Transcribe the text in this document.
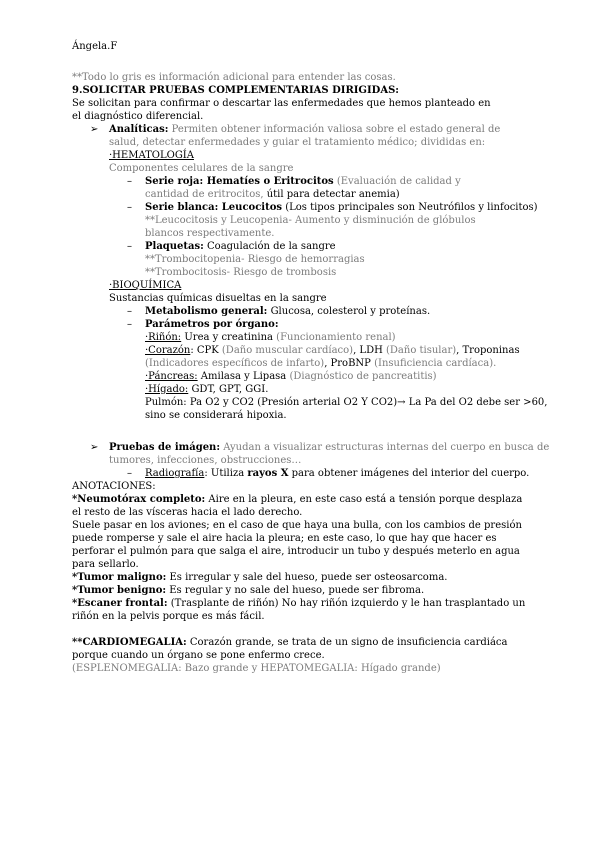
Ángela.F
**Todo lo gris es información adicional para entender las cosas.
9.SOLICITAR PRUEBAS COMPLEMENTARIAS DIRIGIDAS:
Se solicitan para confirmar o descartar las enfermedades que hemos planteado en el diagnóstico diferencial.
➢ Analíticas: Permiten obtener información valiosa sobre el estado general de salud, detectar enfermedades y guiar el tratamiento médico; divididas en:
·HEMATOLOGÍA
Componentes celulares de la sangre
– Serie roja: Hematíes o Eritrocitos (Evaluación de calidad y cantidad de eritrocitos, útil para detectar anemia)
– Serie blanca: Leucocitos (Los tipos principales son Neutrófilos y linfocitos)
**Leucocitosis y Leucopenia- Aumento y disminución de glóbulos blancos respectivamente.
– Plaquetas: Coagulación de la sangre
**Trombocitopenia- Riesgo de hemorragias
**Trombocitosis- Riesgo de trombosis
·BIOQUÍMICA
Sustancias químicas disueltas en la sangre
– Metabolismo general: Glucosa, colesterol y proteínas.
– Parámetros por órgano:
·Riñón: Urea y creatinina (Funcionamiento renal)
·Corazón: CPK (Daño muscular cardíaco), LDH (Daño tisular), Troponinas
(Indicadores específicos de infarto), ProBNP (Insuficiencia cardíaca).
·Páncreas: Amilasa y Lipasa (Diagnóstico de pancreatitis)
·Hígado: GDT, GPT, GGI.
Pulmón: Pa O2 y CO2 (Presión arterial O2 Y CO2)→ La Pa del O2 debe ser >60,
sino se considerará hipoxia.
➢ Pruebas de imágen: Ayudan a visualizar estructuras internas del cuerpo en busca de
tumores, infecciones, obstrucciones…
– Radiografía: Utiliza rayos X para obtener imágenes del interior del cuerpo.
ANOTACIONES:
*Neumotórax completo: Aire en la pleura, en este caso está a tensión porque desplaza el resto de las vísceras hacia el lado derecho.
Suele pasar en los aviones; en el caso de que haya una bulla, con los cambios de presión puede romperse y sale el aire hacia la pleura; en este caso, lo que hay que hacer es perforar el pulmón para que salga el aire, introducir un tubo y después meterlo en agua para sellarlo.
*Tumor maligno: Es irregular y sale del hueso, puede ser osteosarcoma.
*Tumor benigno: Es regular y no sale del hueso, puede ser fibroma.
*Escaner frontal: (Trasplante de riñón) No hay riñón izquierdo y le han trasplantado un riñón en la pelvis porque es más fácil.
**CARDIOMEGALIA: Corazón grande, se trata de un signo de insuficiencia cardiáca porque cuando un órgano se pone enfermo crece.
(ESPLENOMEGALIA: Bazo grande y HEPATOMEGALIA: Hígado grande)
